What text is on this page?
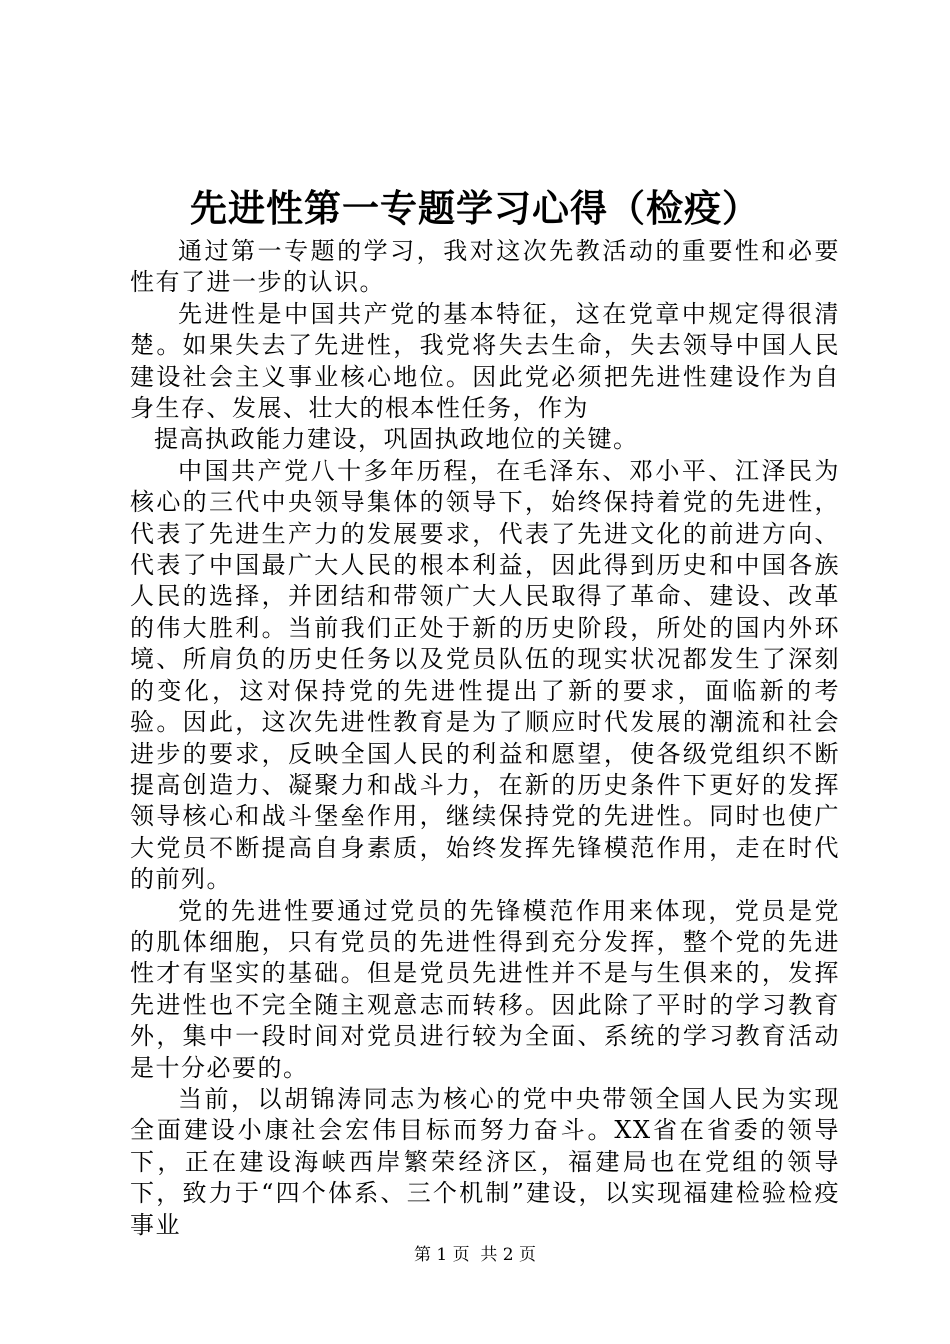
先进性第一专题学习心得（检疫）

通过第一专题的学习，我对这次先教活动的重要性和必要性有了进一步的认识。

先进性是中国共产党的基本特征，这在党章中规定得很清楚。如果失去了先进性，我党将失去生命，失去领导中国人民建设社会主义事业核心地位。因此党必须把先进性建设作为自身生存、发展、壮大的根本性任务，作为

提高执政能力建设，巩固执政地位的关键。

中国共产党八十多年历程，在毛泽东、邓小平、江泽民为核心的三代中央领导集体的领导下，始终保持着党的先进性，代表了先进生产力的发展要求，代表了先进文化的前进方向、代表了中国最广大人民的根本利益，因此得到历史和中国各族人民的选择，并团结和带领广大人民取得了革命、建设、改革的伟大胜利。当前我们正处于新的历史阶段，所处的国内外环境、所肩负的历史任务以及党员队伍的现实状况都发生了深刻的变化，这对保持党的先进性提出了新的要求，面临新的考验。因此，这次先进性教育是为了顺应时代发展的潮流和社会进步的要求，反映全国人民的利益和愿望，使各级党组织不断提高创造力、凝聚力和战斗力，在新的历史条件下更好的发挥领导核心和战斗堡垒作用，继续保持党的先进性。同时也使广大党员不断提高自身素质，始终发挥先锋模范作用，走在时代的前列。

党的先进性要通过党员的先锋模范作用来体现，党员是党的肌体细胞，只有党员的先进性得到充分发挥，整个党的先进性才有坚实的基础。但是党员先进性并不是与生俱来的，发挥先进性也不完全随主观意志而转移。因此除了平时的学习教育外，集中一段时间对党员进行较为全面、系统的学习教育活动是十分必要的。

当前，以胡锦涛同志为核心的党中央带领全国人民为实现全面建设小康社会宏伟目标而努力奋斗。XX省在省委的领导下，正在建设海峡西岸繁荣经济区，福建局也在党组的领导下，致力于“四个体系、三个机制”建设，以实现福建检验检疫事业

第 1 页  共 2 页
